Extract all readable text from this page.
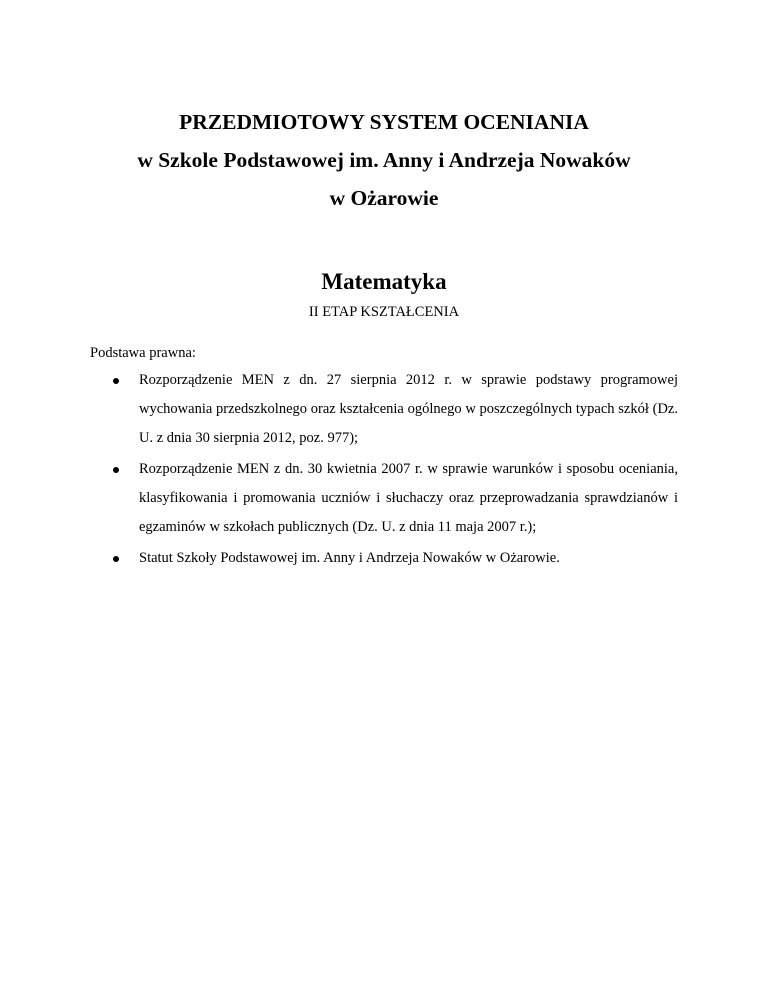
PRZEDMIOTOWY SYSTEM OCENIANIA
w Szkole Podstawowej im. Anny i Andrzeja Nowaków
w Ożarowie
Matematyka
II ETAP KSZTAŁCENIA
Podstawa prawna:
Rozporządzenie MEN z dn. 27 sierpnia 2012 r. w sprawie podstawy programowej wychowania przedszkolnego oraz kształcenia ogólnego w poszczególnych typach szkół (Dz. U. z dnia 30 sierpnia 2012, poz. 977);
Rozporządzenie MEN z dn. 30 kwietnia 2007 r. w sprawie warunków i sposobu oceniania, klasyfikowania i promowania uczniów i słuchaczy oraz przeprowadzania sprawdzianów i egzaminów w szkołach publicznych (Dz. U. z dnia 11 maja 2007 r.);
Statut Szkoły Podstawowej im. Anny i Andrzeja Nowaków w Ożarowie.
